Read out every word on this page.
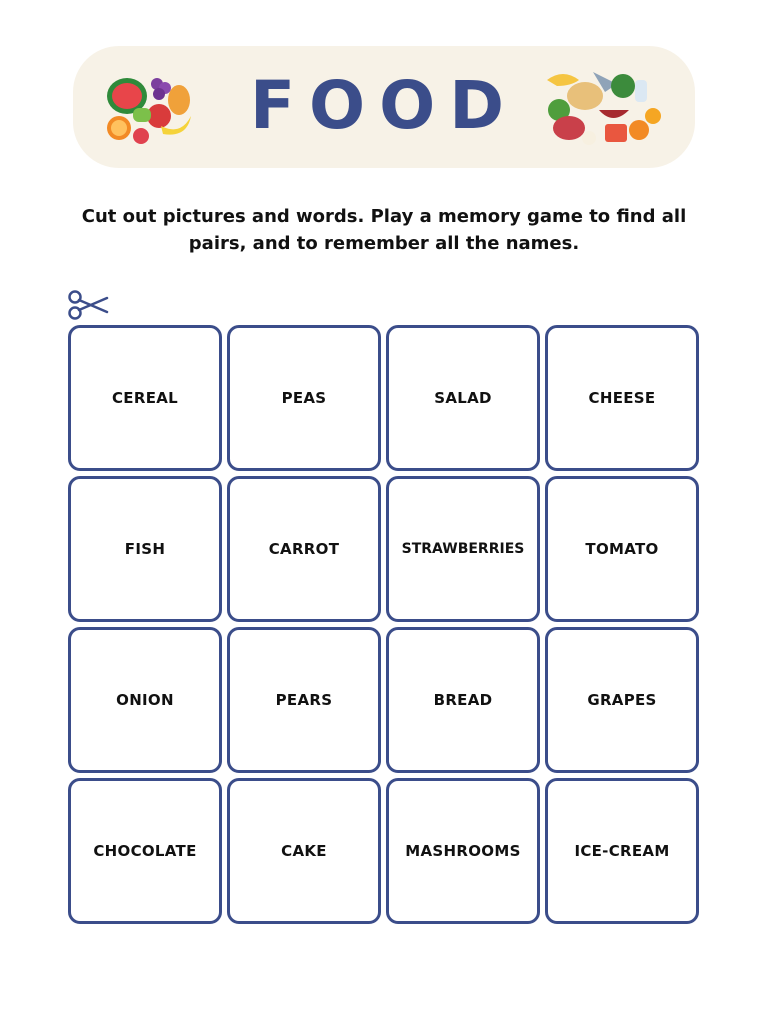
FOOD
Cut out pictures and words. Play a memory game to find all pairs, and to remember all the names.
CEREAL	PEAS	SALAD	CHEESE
FISH	CARROT	STRAWBERRIES	TOMATO
ONION	PEARS	BREAD	GRAPES
CHOCOLATE	CAKE	MASHROOMS	ICE-CREAM
